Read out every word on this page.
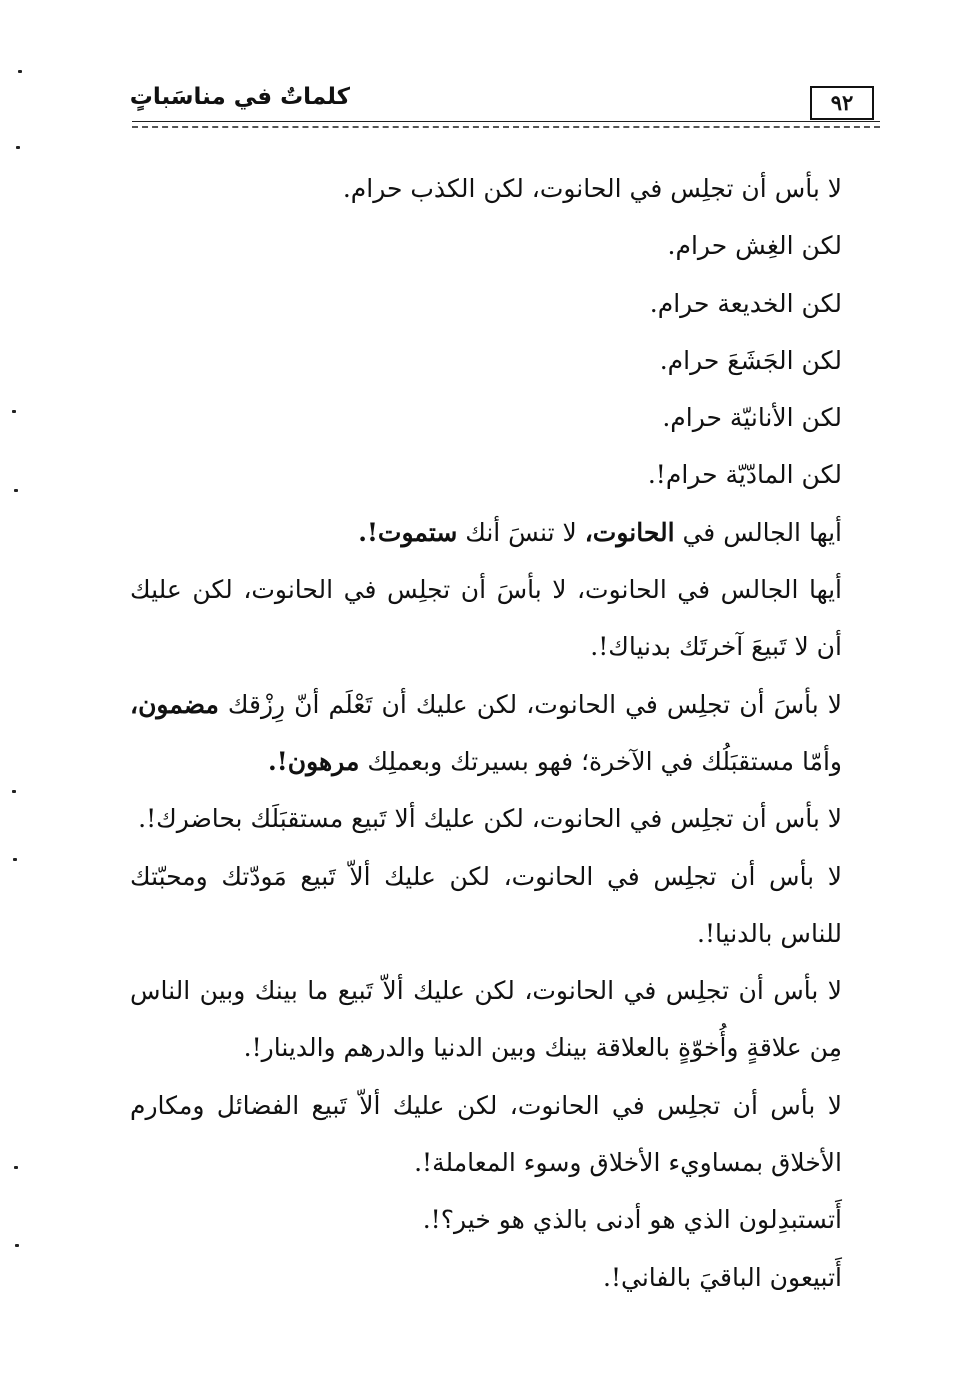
٩٢
كلماتٌ في مناسَباتٍ

لا بأس أن تجلِس في الحانوت، لكن الكذب حرام.

لكن الغِش حرام.

لكن الخديعة حرام.

لكن الجَشَعَ حرام.

لكن الأنانيّة حرام.

لكن المادّيّة حرام!.

أيها الجالس في الحانوت، لا تنسَ أنك ستموت!.

أيها الجالس في الحانوت، لا بأسَ أن تجلِس في الحانوت، لكن عليك أن لا تَبيعَ آخرتَك بدنياك!.

لا بأسَ أن تجلِس في الحانوت، لكن عليك أن تَعْلَم أنّ رِزْقك مضمون، وأمّا مستقبَلُك في الآخرة؛ فهو بسيرتك وبعملِك مرهون!.

لا بأس أن تجلِس في الحانوت، لكن عليك ألا تَبيع مستقبَلَك بحاضرك!.

لا بأس أن تجلِس في الحانوت، لكن عليك ألاّ تَبيع مَودّتك ومحبّتك للناس بالدنيا!.

لا بأس أن تجلِس في الحانوت، لكن عليك ألاّ تَبيع ما بينك وبين الناس مِن علاقةٍ وأُخوّةٍ بالعلاقة بينك وبين الدنيا والدرهم والدينار!.

لا بأس أن تجلِس في الحانوت، لكن عليك ألاّ تَبيع الفضائل ومكارم الأخلاق بمساويء الأخلاق وسوء المعاملة!.

أَتستبدِلون الذي هو أدنى بالذي هو خير؟!.

أَتبيعون الباقيَ بالفاني!.
